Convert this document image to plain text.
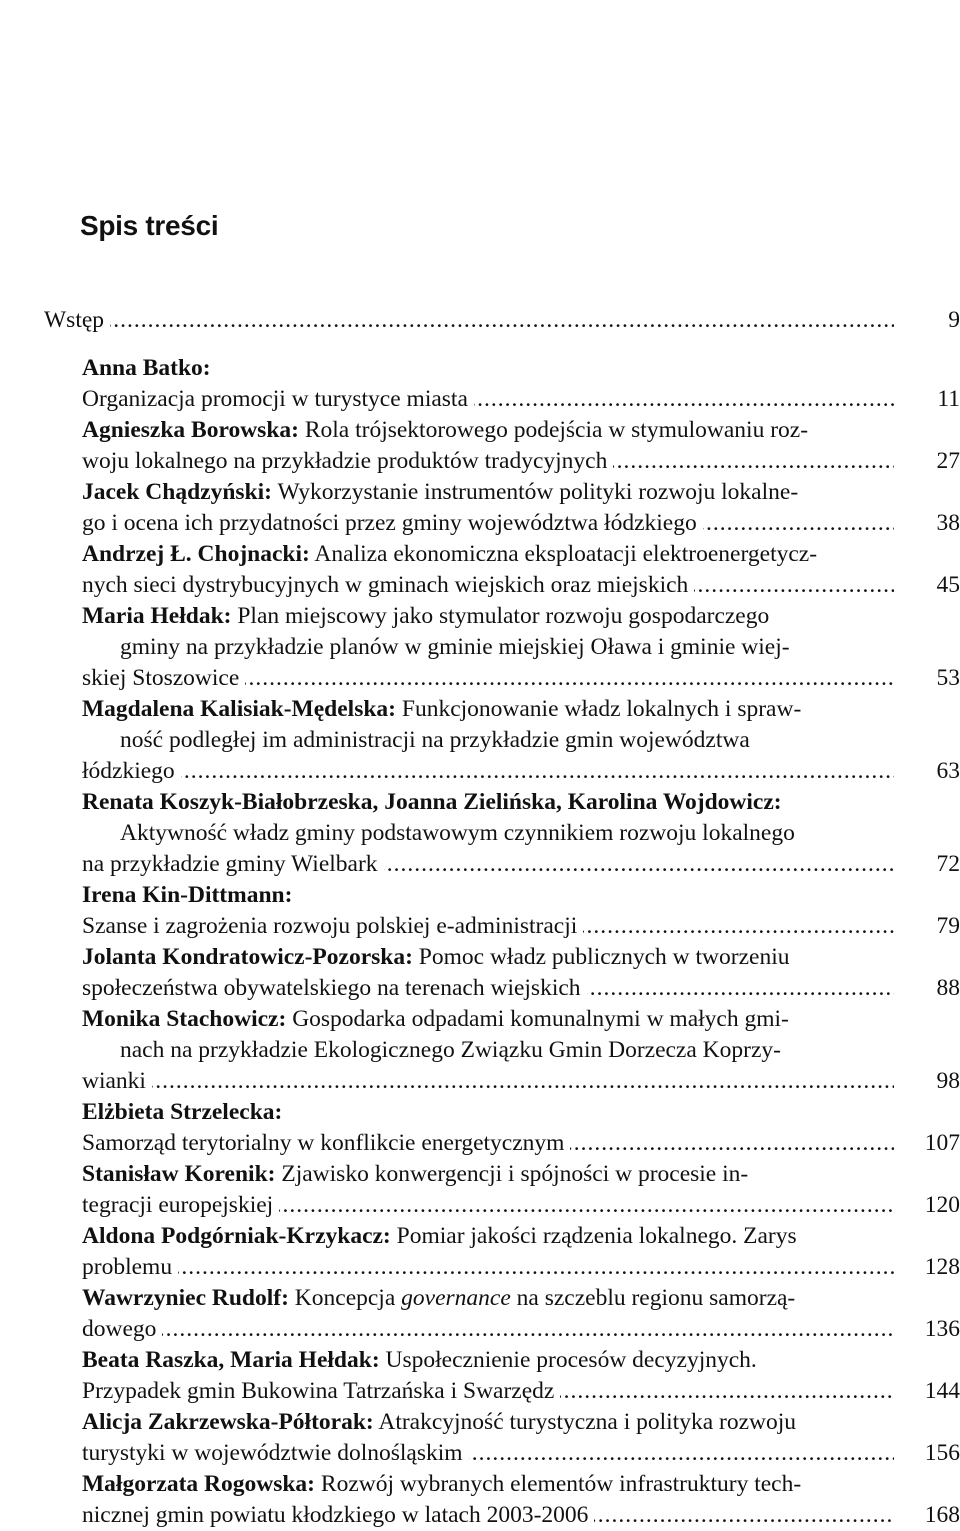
Spis treści
Wstęp .....	9
Anna Batko:
Organizacja promocji w turystyce miasta .....	11
Agnieszka Borowska: Rola trójsektorowego podejścia w stymulowaniu roz-

woju lokalnego na przykładzie produktów tradycyjnych .....	27
Jacek Chądzyński: Wykorzystanie instrumentów polityki rozwoju lokalne-

go i ocena ich przydatności przez gminy województwa łódzkiego .....	38
Andrzej Ł. Chojnacki: Analiza ekonomiczna eksploatacji elektroenergetycz-

nych sieci dystrybucyjnych w gminach wiejskich oraz miejskich .....	45
Maria Hełdak: Plan miejscowy jako stymulator rozwoju gospodarczego
gminy na przykładzie planów w gminie miejskiej Oława i gminie wiej-

skiej Stoszowice .....	53
Magdalena Kalisiak-Mędelska: Funkcjonowanie władz lokalnych i spraw-
ność podległej im administracji na przykładzie gmin województwa

łódzkiego .....	63
Renata Koszyk-Białobrzeska, Joanna Zielińska, Karolina Wojdowicz:
Aktywność władz gminy podstawowym czynnikiem rozwoju lokalnego

na przykładzie gminy Wielbark .....	72
Irena Kin-Dittmann:
Szanse i zagrożenia rozwoju polskiej e-administracji .....	79
Jolanta Kondratowicz-Pozorska: Pomoc władz publicznych w tworzeniu

społeczeństwa obywatelskiego na terenach wiejskich .....	88
Monika Stachowicz: Gospodarka odpadami komunalnymi w małych gmi-
nach na przykładzie Ekologicznego Związku Gmin Dorzecza Koprzy-

wianki .....	98
Elżbieta Strzelecka:
Samorząd terytorialny w konflikcie energetycznym .....	107
Stanisław Korenik: Zjawisko konwergencji i spójności w procesie in-

tegracji europejskiej .....	120
Aldona Podgórniak-Krzykacz: Pomiar jakości rządzenia lokalnego. Zarys

problemu .....	128
Wawrzyniec Rudolf: Koncepcja governance na szczeblu regionu samorzą-

dowego .....	136
Beata Raszka, Maria Hełdak: Uspołecznienie procesów decyzyjnych.

Przypadek gmin Bukowina Tatrzańska i Swarzędz .....	144
Alicja Zakrzewska-Półtorak: Atrakcyjność turystyczna i polityka rozwoju

turystyki w województwie dolnośląskim .....	156
Małgorzata Rogowska: Rozwój wybranych elementów infrastruktury tech-

nicznej gmin powiatu kłodzkiego w latach 2003-2006 .....	168
